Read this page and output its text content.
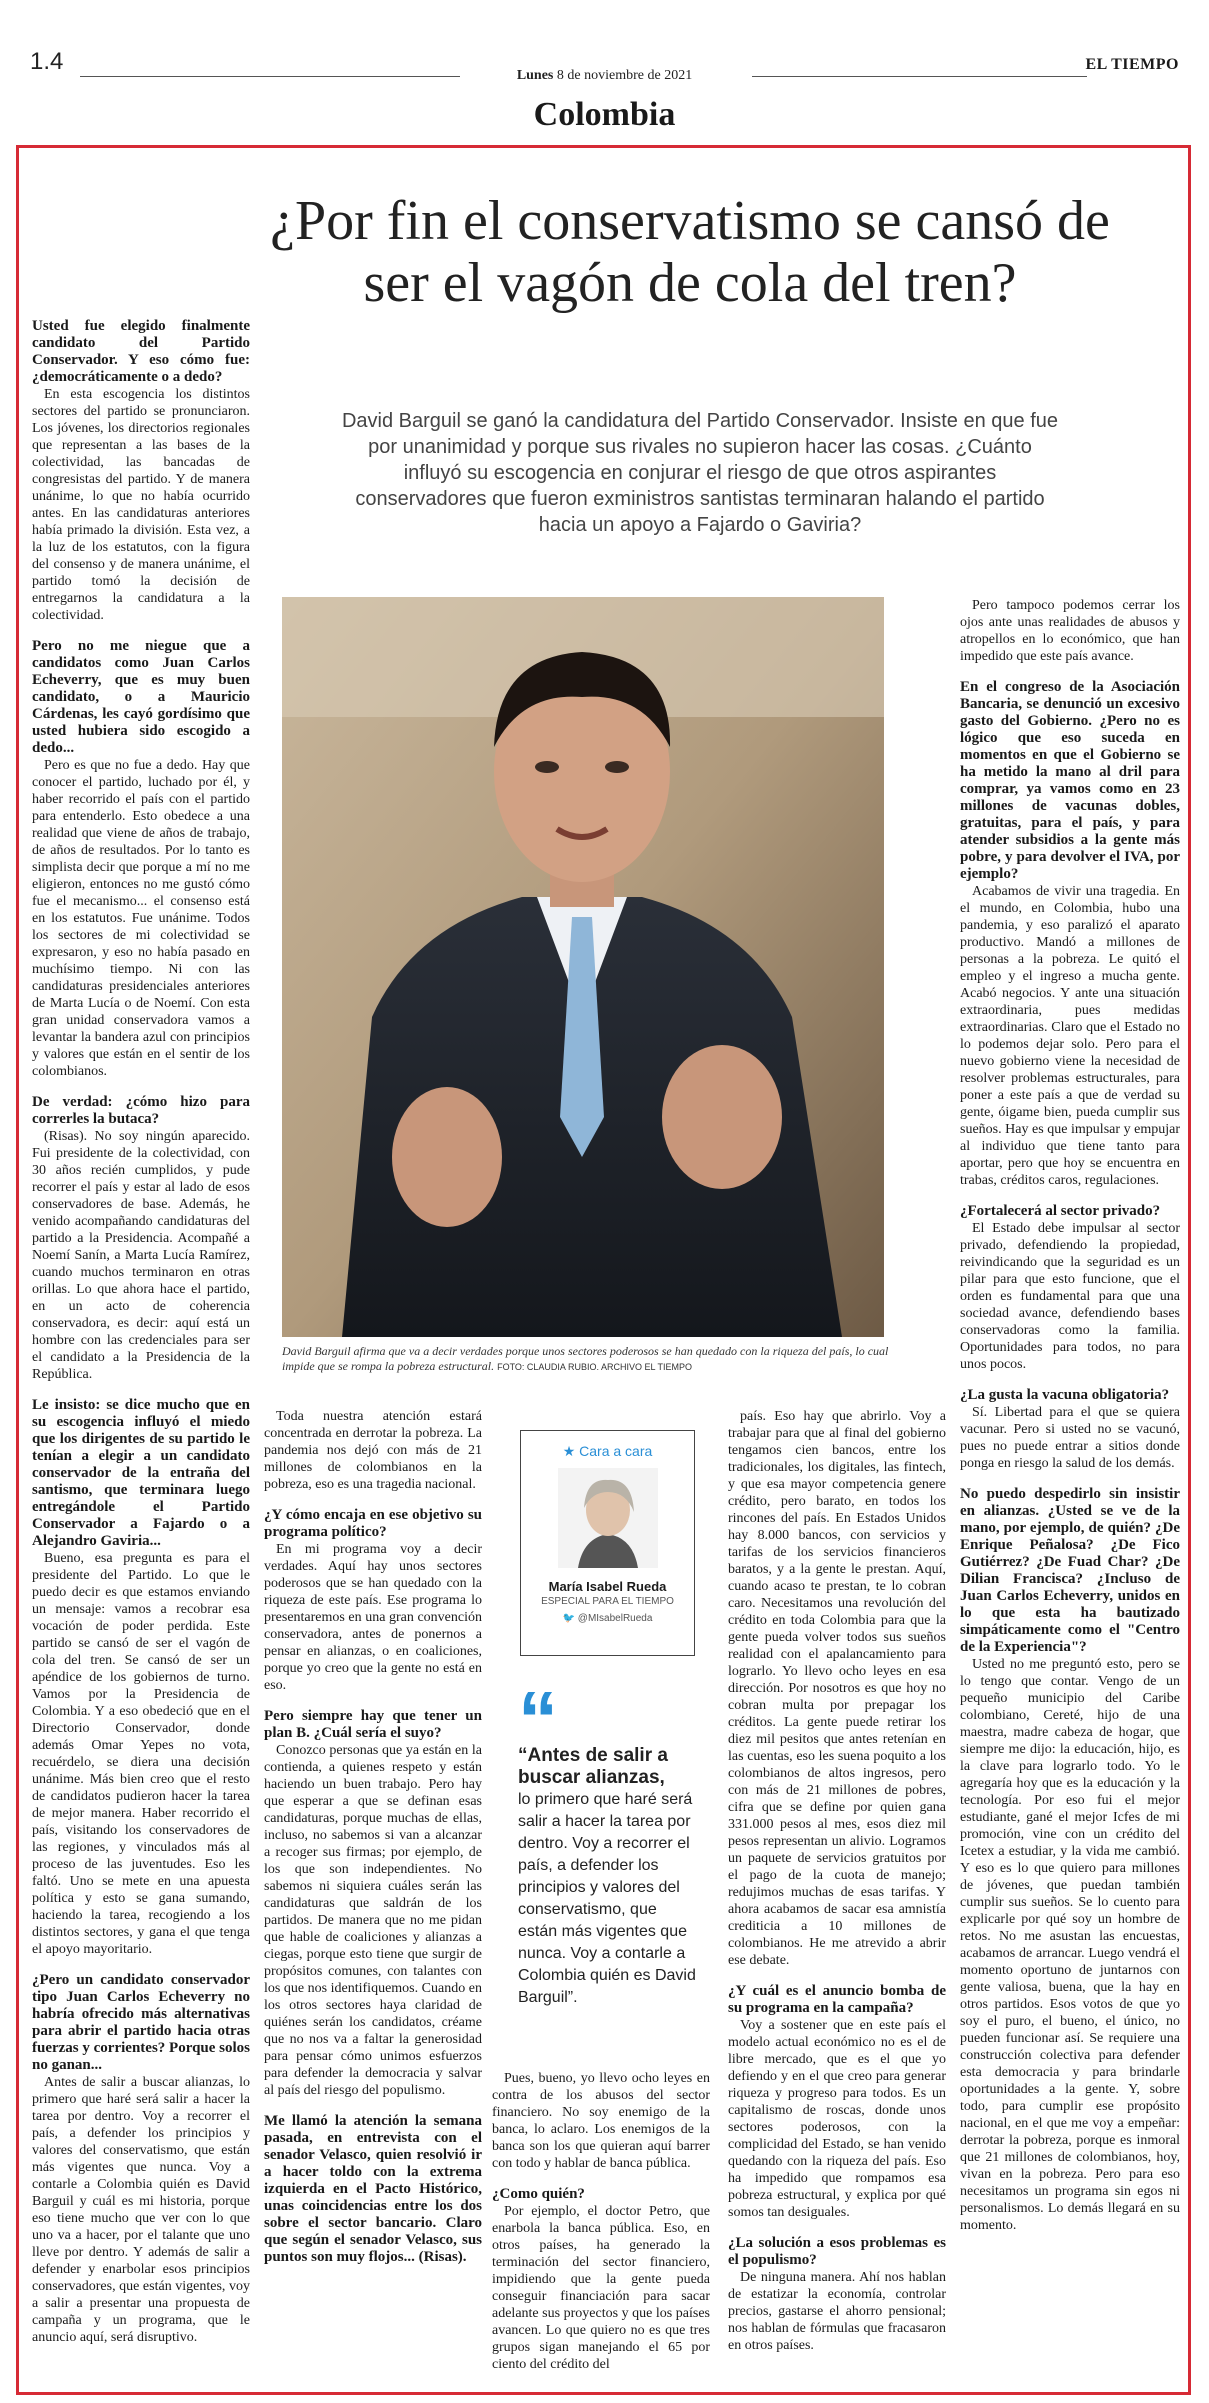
1.4
Lunes 8 de noviembre de 2021
EL TIEMPO
Colombia
¿Por fin el conservatismo se cansó de ser el vagón de cola del tren?
David Barguil se ganó la candidatura del Partido Conservador. Insiste en que fue por unanimidad y porque sus rivales no supieron hacer las cosas. ¿Cuánto influyó su escogencia en conjurar el riesgo de que otros aspirantes conservadores que fueron exministros santistas terminaran halando el partido hacia un apoyo a Fajardo o Gaviria?
David Barguil afirma que va a decir verdades porque unos sectores poderosos se han quedado con la riqueza del país, lo cual impide que se rompa la pobreza estructural. FOTO: CLAUDIA RUBIO. ARCHIVO EL TIEMPO

Usted fue elegido finalmente candidato del Partido Conservador. Y eso cómo fue: ¿democráticamente o a dedo?

En esta escogencia los distintos sectores del partido se pronunciaron. Los jóvenes, los directorios regionales que representan a las bases de la colectividad, las bancadas de congresistas del partido. Y de manera unánime, lo que no había ocurrido antes. En las candidaturas anteriores había primado la división. Esta vez, a la luz de los estatutos, con la figura del consenso y de manera unánime, el partido tomó la decisión de entregarnos la candidatura a la colectividad.

Pero no me niegue que a candidatos como Juan Carlos Echeverry, que es muy buen candidato, o a Mauricio Cárdenas, les cayó gordísimo que usted hubiera sido escogido a dedo...

Pero es que no fue a dedo. Hay que conocer el partido, luchado por él, y haber recorrido el país con el partido para entenderlo. Esto obedece a una realidad que viene de años de trabajo, de años de resultados. Por lo tanto es simplista decir que porque a mí no me eligieron, entonces no me gustó cómo fue el mecanismo... el consenso está en los estatutos. Fue unánime. Todos los sectores de mi colectividad se expresaron, y eso no había pasado en muchísimo tiempo. Ni con las candidaturas presidenciales anteriores de Marta Lucía o de Noemí. Con esta gran unidad conservadora vamos a levantar la bandera azul con principios y valores que están en el sentir de los colombianos.

De verdad: ¿cómo hizo para correrles la butaca?

(Risas). No soy ningún aparecido. Fui presidente de la colectividad, con 30 años recién cumplidos, y pude recorrer el país y estar al lado de esos conservadores de base. Además, he venido acompañando candidaturas del partido a la Presidencia. Acompañé a Noemí Sanín, a Marta Lucía Ramírez, cuando muchos terminaron en otras orillas. Lo que ahora hace el partido, en un acto de coherencia conservadora, es decir: aquí está un hombre con las credenciales para ser el candidato a la Presidencia de la República.

Le insisto: se dice mucho que en su escogencia influyó el miedo que los dirigentes de su partido le tenían a elegir a un candidato conservador de la entraña del santismo, que terminara luego entregándole el Partido Conservador a Fajardo o a Alejandro Gaviria...

Bueno, esa pregunta es para el presidente del Partido. Lo que le puedo decir es que estamos enviando un mensaje: vamos a recobrar esa vocación de poder perdida. Este partido se cansó de ser el vagón de cola del tren. Se cansó de ser un apéndice de los gobiernos de turno. Vamos por la Presidencia de Colombia. Y a eso obedeció que en el Directorio Conservador, donde además Omar Yepes no vota, recuérdelo, se diera una decisión unánime. Más bien creo que el resto de candidatos pudieron hacer la tarea de mejor manera. Haber recorrido el país, visitando los conservadores de las regiones, y vinculados más al proceso de las juventudes. Eso les faltó. Uno se mete en una apuesta política y esto se gana sumando, haciendo la tarea, recogiendo a los distintos sectores, y gana el que tenga el apoyo mayoritario.

¿Pero un candidato conservador tipo Juan Carlos Echeverry no habría ofrecido más alternativas para abrir el partido hacia otras fuerzas y corrientes? Porque solos no ganan...

Antes de salir a buscar alianzas, lo primero que haré será salir a hacer la tarea por dentro. Voy a recorrer el país, a defender los principios y valores del conservatismo, que están más vigentes que nunca. Voy a contarle a Colombia quién es David Barguil y cuál es mi historia, porque eso tiene mucho que ver con lo que uno va a hacer, por el talante que uno lleve por dentro. Y además de salir a defender y enarbolar esos principios conservadores, que están vigentes, voy a salir a presentar una propuesta de campaña y un programa, que le anuncio aquí, será disruptivo.

Toda nuestra atención estará concentrada en derrotar la pobreza. La pandemia nos dejó con más de 21 millones de colombianos en la pobreza, eso es una tragedia nacional.

¿Y cómo encaja en ese objetivo su programa político?

En mi programa voy a decir verdades. Aquí hay unos sectores poderosos que se han quedado con la riqueza de este país. Ese programa lo presentaremos en una gran convención conservadora, antes de ponernos a pensar en alianzas, o en coaliciones, porque yo creo que la gente no está en eso.

Pero siempre hay que tener un plan B. ¿Cuál sería el suyo?

Conozco personas que ya están en la contienda, a quienes respeto y están haciendo un buen trabajo. Pero hay que esperar a que se definan esas candidaturas, porque muchas de ellas, incluso, no sabemos si van a alcanzar a recoger sus firmas; por ejemplo, de los que son independientes. No sabemos ni siquiera cuáles serán las candidaturas que saldrán de los partidos. De manera que no me pidan que hable de coaliciones y alianzas a ciegas, porque esto tiene que surgir de propósitos comunes, con talantes con los que nos identifiquemos. Cuando en los otros sectores haya claridad de quiénes serán los candidatos, créame que no nos va a faltar la generosidad para pensar cómo unimos esfuerzos para defender la democracia y salvar al país del riesgo del populismo.

Me llamó la atención la semana pasada, en entrevista con el senador Velasco, quien resolvió ir a hacer toldo con la extrema izquierda en el Pacto Histórico, unas coincidencias entre los dos sobre el sector bancario. Claro que según el senador Velasco, sus puntos son muy flojos... (Risas).

★ Cara a cara
María Isabel Rueda
ESPECIAL PARA EL TIEMPO
🐦 @MIsabelRueda
“
“Antes de salir a buscar alianzas,
lo primero que haré será salir a hacer la tarea por dentro. Voy a recorrer el país, a defender los principios y valores del conservatismo, que están más vigentes que nunca. Voy a contarle a Colombia quién es David Barguil”.

Pues, bueno, yo llevo ocho leyes en contra de los abusos del sector financiero. No soy enemigo de la banca, lo aclaro. Los enemigos de la banca son los que quieran aquí barrer con todo y hablar de banca pública.

¿Como quién?

Por ejemplo, el doctor Petro, que enarbola la banca pública. Eso, en otros países, ha generado la terminación del sector financiero, impidiendo que la gente pueda conseguir financiación para sacar adelante sus proyectos y que los países avancen. Lo que quiero no es que tres grupos sigan manejando el 65 por ciento del crédito del

país. Eso hay que abrirlo. Voy a trabajar para que al final del gobierno tengamos cien bancos, entre los tradicionales, los digitales, las fintech, y que esa mayor competencia genere crédito, pero barato, en todos los rincones del país. En Estados Unidos hay 8.000 bancos, con servicios y tarifas de los servicios financieros baratos, y a la gente le prestan. Aquí, cuando acaso te prestan, te lo cobran caro. Necesitamos una revolución del crédito en toda Colombia para que la gente pueda volver todos sus sueños realidad con el apalancamiento para lograrlo. Yo llevo ocho leyes en esa dirección. Por nosotros es que hoy no cobran multa por prepagar los créditos. La gente puede retirar los diez mil pesitos que antes retenían en las cuentas, eso les suena poquito a los colombianos de altos ingresos, pero con más de 21 millones de pobres, cifra que se define por quien gana 331.000 pesos al mes, esos diez mil pesos representan un alivio. Logramos un paquete de servicios gratuitos por el pago de la cuota de manejo; redujimos muchas de esas tarifas. Y ahora acabamos de sacar esa amnistía crediticia a 10 millones de colombianos. He me atrevido a abrir ese debate.

¿Y cuál es el anuncio bomba de su programa en la campaña?

Voy a sostener que en este país el modelo actual económico no es el de libre mercado, que es el que yo defiendo y en el que creo para generar riqueza y progreso para todos. Es un capitalismo de roscas, donde unos sectores poderosos, con la complicidad del Estado, se han venido quedando con la riqueza del país. Eso ha impedido que rompamos esa pobreza estructural, y explica por qué somos tan desiguales.

¿La solución a esos problemas es el populismo?

De ninguna manera. Ahí nos hablan de estatizar la economía, controlar precios, gastarse el ahorro pensional; nos hablan de fórmulas que fracasaron en otros países.

Pero tampoco podemos cerrar los ojos ante unas realidades de abusos y atropellos en lo económico, que han impedido que este país avance.

En el congreso de la Asociación Bancaria, se denunció un excesivo gasto del Gobierno. ¿Pero no es lógico que eso suceda en momentos en que el Gobierno se ha metido la mano al dril para comprar, ya vamos como en 23 millones de vacunas dobles, gratuitas, para el país, y para atender subsidios a la gente más pobre, y para devolver el IVA, por ejemplo?

Acabamos de vivir una tragedia. En el mundo, en Colombia, hubo una pandemia, y eso paralizó el aparato productivo. Mandó a millones de personas a la pobreza. Le quitó el empleo y el ingreso a mucha gente. Acabó negocios. Y ante una situación extraordinaria, pues medidas extraordinarias. Claro que el Estado no lo podemos dejar solo. Pero para el nuevo gobierno viene la necesidad de resolver problemas estructurales, para poner a este país a que de verdad su gente, óigame bien, pueda cumplir sus sueños. Hay es que impulsar y empujar al individuo que tiene tanto para aportar, pero que hoy se encuentra en trabas, créditos caros, regulaciones.

¿Fortalecerá al sector privado?

El Estado debe impulsar al sector privado, defendiendo la propiedad, reivindicando que la seguridad es un pilar para que esto funcione, que el orden es fundamental para que una sociedad avance, defendiendo bases conservadoras como la familia. Oportunidades para todos, no para unos pocos.

¿La gusta la vacuna obligatoria?

Sí. Libertad para el que se quiera vacunar. Pero si usted no se vacunó, pues no puede entrar a sitios donde ponga en riesgo la salud de los demás.

No puedo despedirlo sin insistir en alianzas. ¿Usted se ve de la mano, por ejemplo, de quién? ¿De Enrique Peñalosa? ¿De Fico Gutiérrez? ¿De Fuad Char? ¿De Dilian Francisca? ¿Incluso de Juan Carlos Echeverry, unidos en lo que esta ha bautizado simpáticamente como el "Centro de la Experiencia"?

Usted no me preguntó esto, pero se lo tengo que contar. Vengo de un pequeño municipio del Caribe colombiano, Cereté, hijo de una maestra, madre cabeza de hogar, que siempre me dijo: la educación, hijo, es la clave para lograrlo todo. Yo le agregaría hoy que es la educación y la tecnología. Por eso fui el mejor estudiante, gané el mejor Icfes de mi promoción, vine con un crédito del Icetex a estudiar, y la vida me cambió. Y eso es lo que quiero para millones de jóvenes, que puedan también cumplir sus sueños. Se lo cuento para explicarle por qué soy un hombre de retos. No me asustan las encuestas, acabamos de arrancar. Luego vendrá el momento oportuno de juntarnos con gente valiosa, buena, que la hay en otros partidos. Esos votos de que yo soy el puro, el bueno, el único, no pueden funcionar así. Se requiere una construcción colectiva para defender esta democracia y para brindarle oportunidades a la gente. Y, sobre todo, para cumplir ese propósito nacional, en el que me voy a empeñar: derrotar la pobreza, porque es inmoral que 21 millones de colombianos, hoy, vivan en la pobreza. Pero para eso necesitamos un programa sin egos ni personalismos. Lo demás llegará en su momento.
